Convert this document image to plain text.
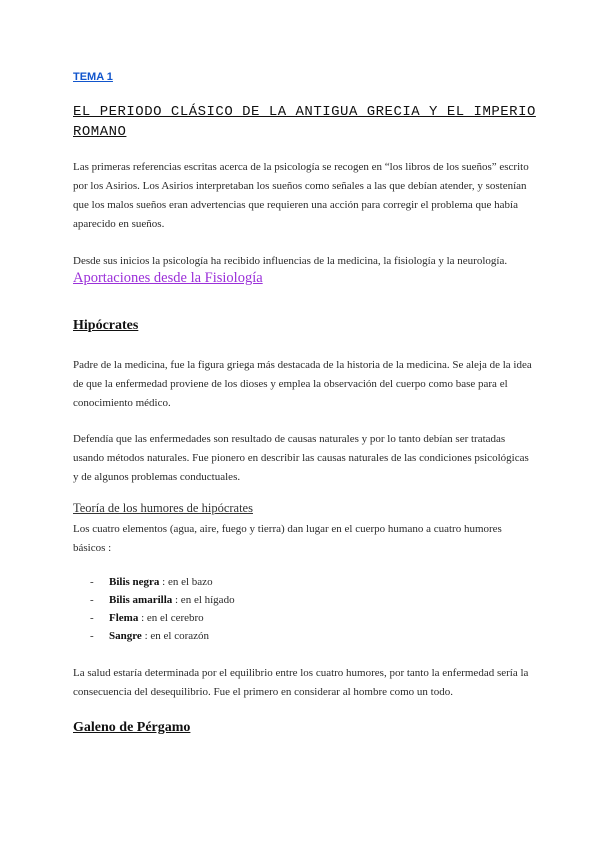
TEMA 1
EL PERIODO CLÁSICO DE LA ANTIGUA GRECIA Y EL IMPERIO ROMANO
Las primeras referencias escritas acerca de la psicología se recogen en “los libros de los sueños” escrito por los Asirios. Los Asirios interpretaban los sueños como señales a las que debían atender, y sostenían que los malos sueños eran advertencias que requieren una acción para corregir el problema que había aparecido en sueños.
Desde sus inicios la psicología ha recibido influencias de la medicina, la fisiología y la neurología.
Aportaciones desde la Fisiología
Hipócrates
Padre de la medicina, fue la figura griega más destacada de la historia de la medicina. Se aleja de la idea de que la enfermedad proviene de los dioses y emplea la observación del cuerpo como base para el conocimiento médico.
Defendía que las enfermedades son resultado de causas naturales y por lo tanto debían ser tratadas usando métodos naturales. Fue pionero en describir las causas naturales de las condiciones psicológicas y de algunos problemas conductuales.
Teoría de los humores de hipócrates
Los cuatro elementos (agua, aire, fuego y tierra) dan lugar en el cuerpo humano a cuatro humores básicos :
- Bilis negra : en el bazo
- Bilis amarilla : en el hígado
- Flema : en el cerebro
- Sangre : en el corazón
La salud estaría determinada por el equilibrio entre los cuatro humores, por tanto la enfermedad sería la consecuencia del desequilibrio. Fue el primero en considerar al hombre como un todo.
Galeno de Pérgamo
